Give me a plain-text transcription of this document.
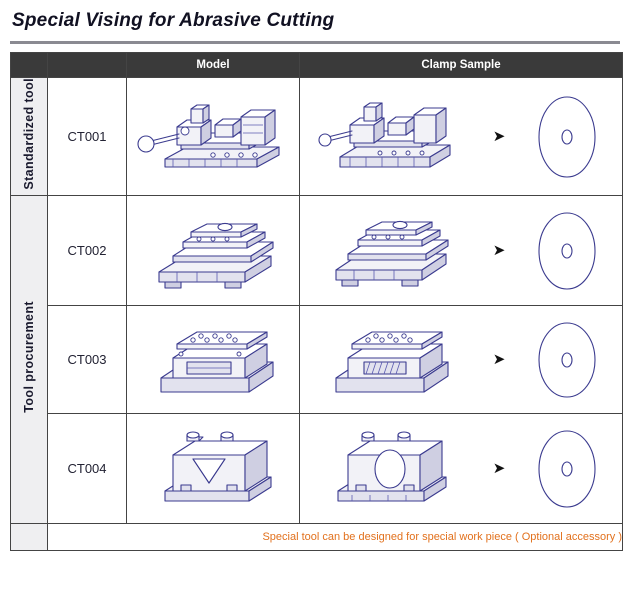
Special Vising for Abrasive Cutting
		Model	Clamp Sample
Standardized tool	CT001		➤

Tool procurement	CT002		➤

	CT003		➤

	CT004		➤

	Special tool can be designed for special work piece ( Optional accessory )		
